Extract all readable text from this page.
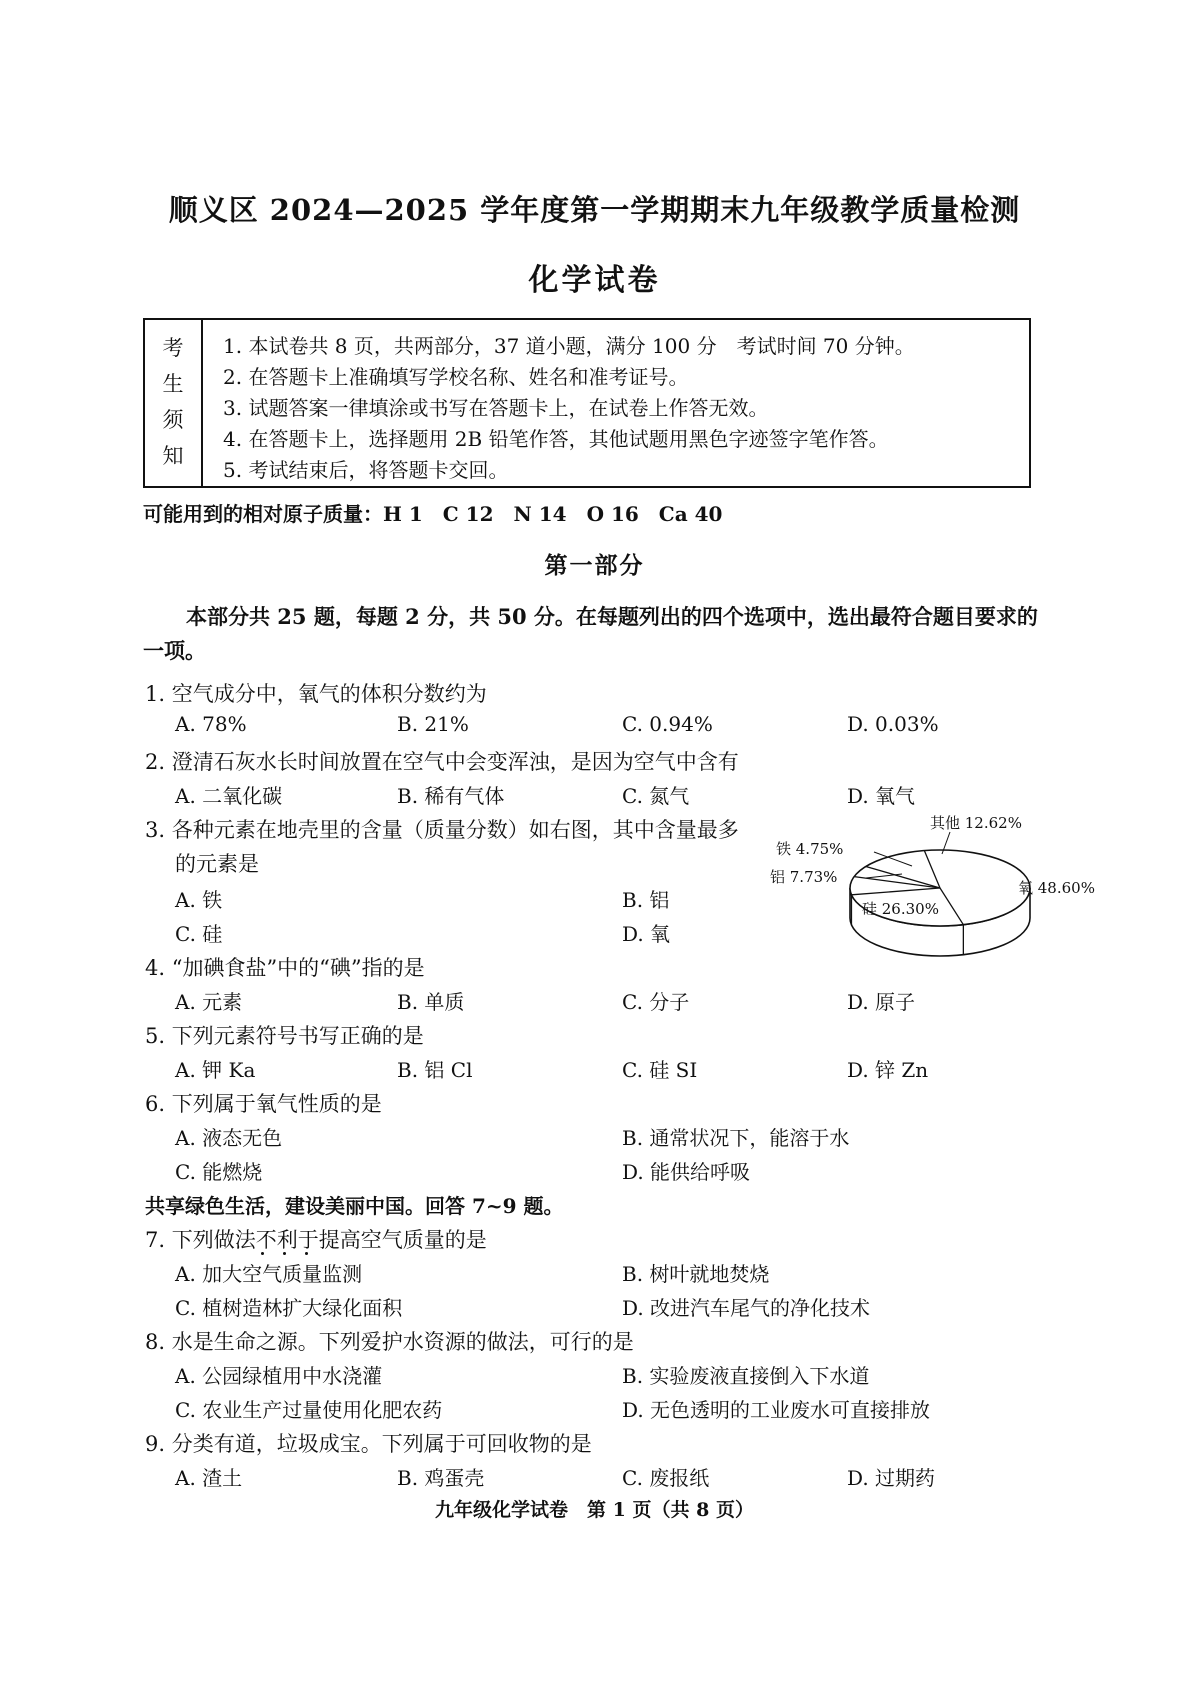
顺义区 2024—2025 学年度第一学期期末九年级教学质量检测
化学试卷
考
生
须
知
1. 本试卷共 8 页，共两部分，37 道小题，满分 100 分　考试时间 70 分钟。
2. 在答题卡上准确填写学校名称、姓名和准考证号。
3. 试题答案一律填涂或书写在答题卡上，在试卷上作答无效。
4. 在答题卡上，选择题用 2B 铅笔作答，其他试题用黑色字迹签字笔作答。
5. 考试结束后，将答题卡交回。
可能用到的相对原子质量：H 1　C 12　N 14　O 16　Ca 40
第一部分
本部分共 25 题，每题 2 分，共 50 分。在每题列出的四个选项中，选出最符合题目要求的一项。
1. 空气成分中，氧气的体积分数约为
A. 78%	B. 21%	C. 0.94%	D. 0.03%
2. 澄清石灰水长时间放置在空气中会变浑浊，是因为空气中含有
A. 二氧化碳	B. 稀有气体	C. 氮气	D. 氧气
3. 各种元素在地壳里的含量（质量分数）如右图，其中含量最多
的元素是
A. 铁	B. 铝
C. 硅	D. 氧
氧 48.60%
硅 26.30%
铝 7.73%
铁 4.75%
其他 12.62%
4. “加碘食盐”中的“碘”指的是
A. 元素	B. 单质	C. 分子	D. 原子
5. 下列元素符号书写正确的是
A. 钾 Ka	B. 铝 Cl	C. 硅 SI	D. 锌 Zn
6. 下列属于氧气性质的是
A. 液态无色	B. 通常状况下，能溶于水
C. 能燃烧	D. 能供给呼吸
共享绿色生活，建设美丽中国。回答 7~9 题。
7. 下列做法不利于提高空气质量的是
A. 加大空气质量监测	B. 树叶就地焚烧
C. 植树造林扩大绿化面积	D. 改进汽车尾气的净化技术
8. 水是生命之源。下列爱护水资源的做法，可行的是
A. 公园绿植用中水浇灌	B. 实验废液直接倒入下水道
C. 农业生产过量使用化肥农药	D. 无色透明的工业废水可直接排放
9. 分类有道，垃圾成宝。下列属于可回收物的是
A. 渣土	B. 鸡蛋壳	C. 废报纸	D. 过期药
九年级化学试卷　第 1 页（共 8 页）
